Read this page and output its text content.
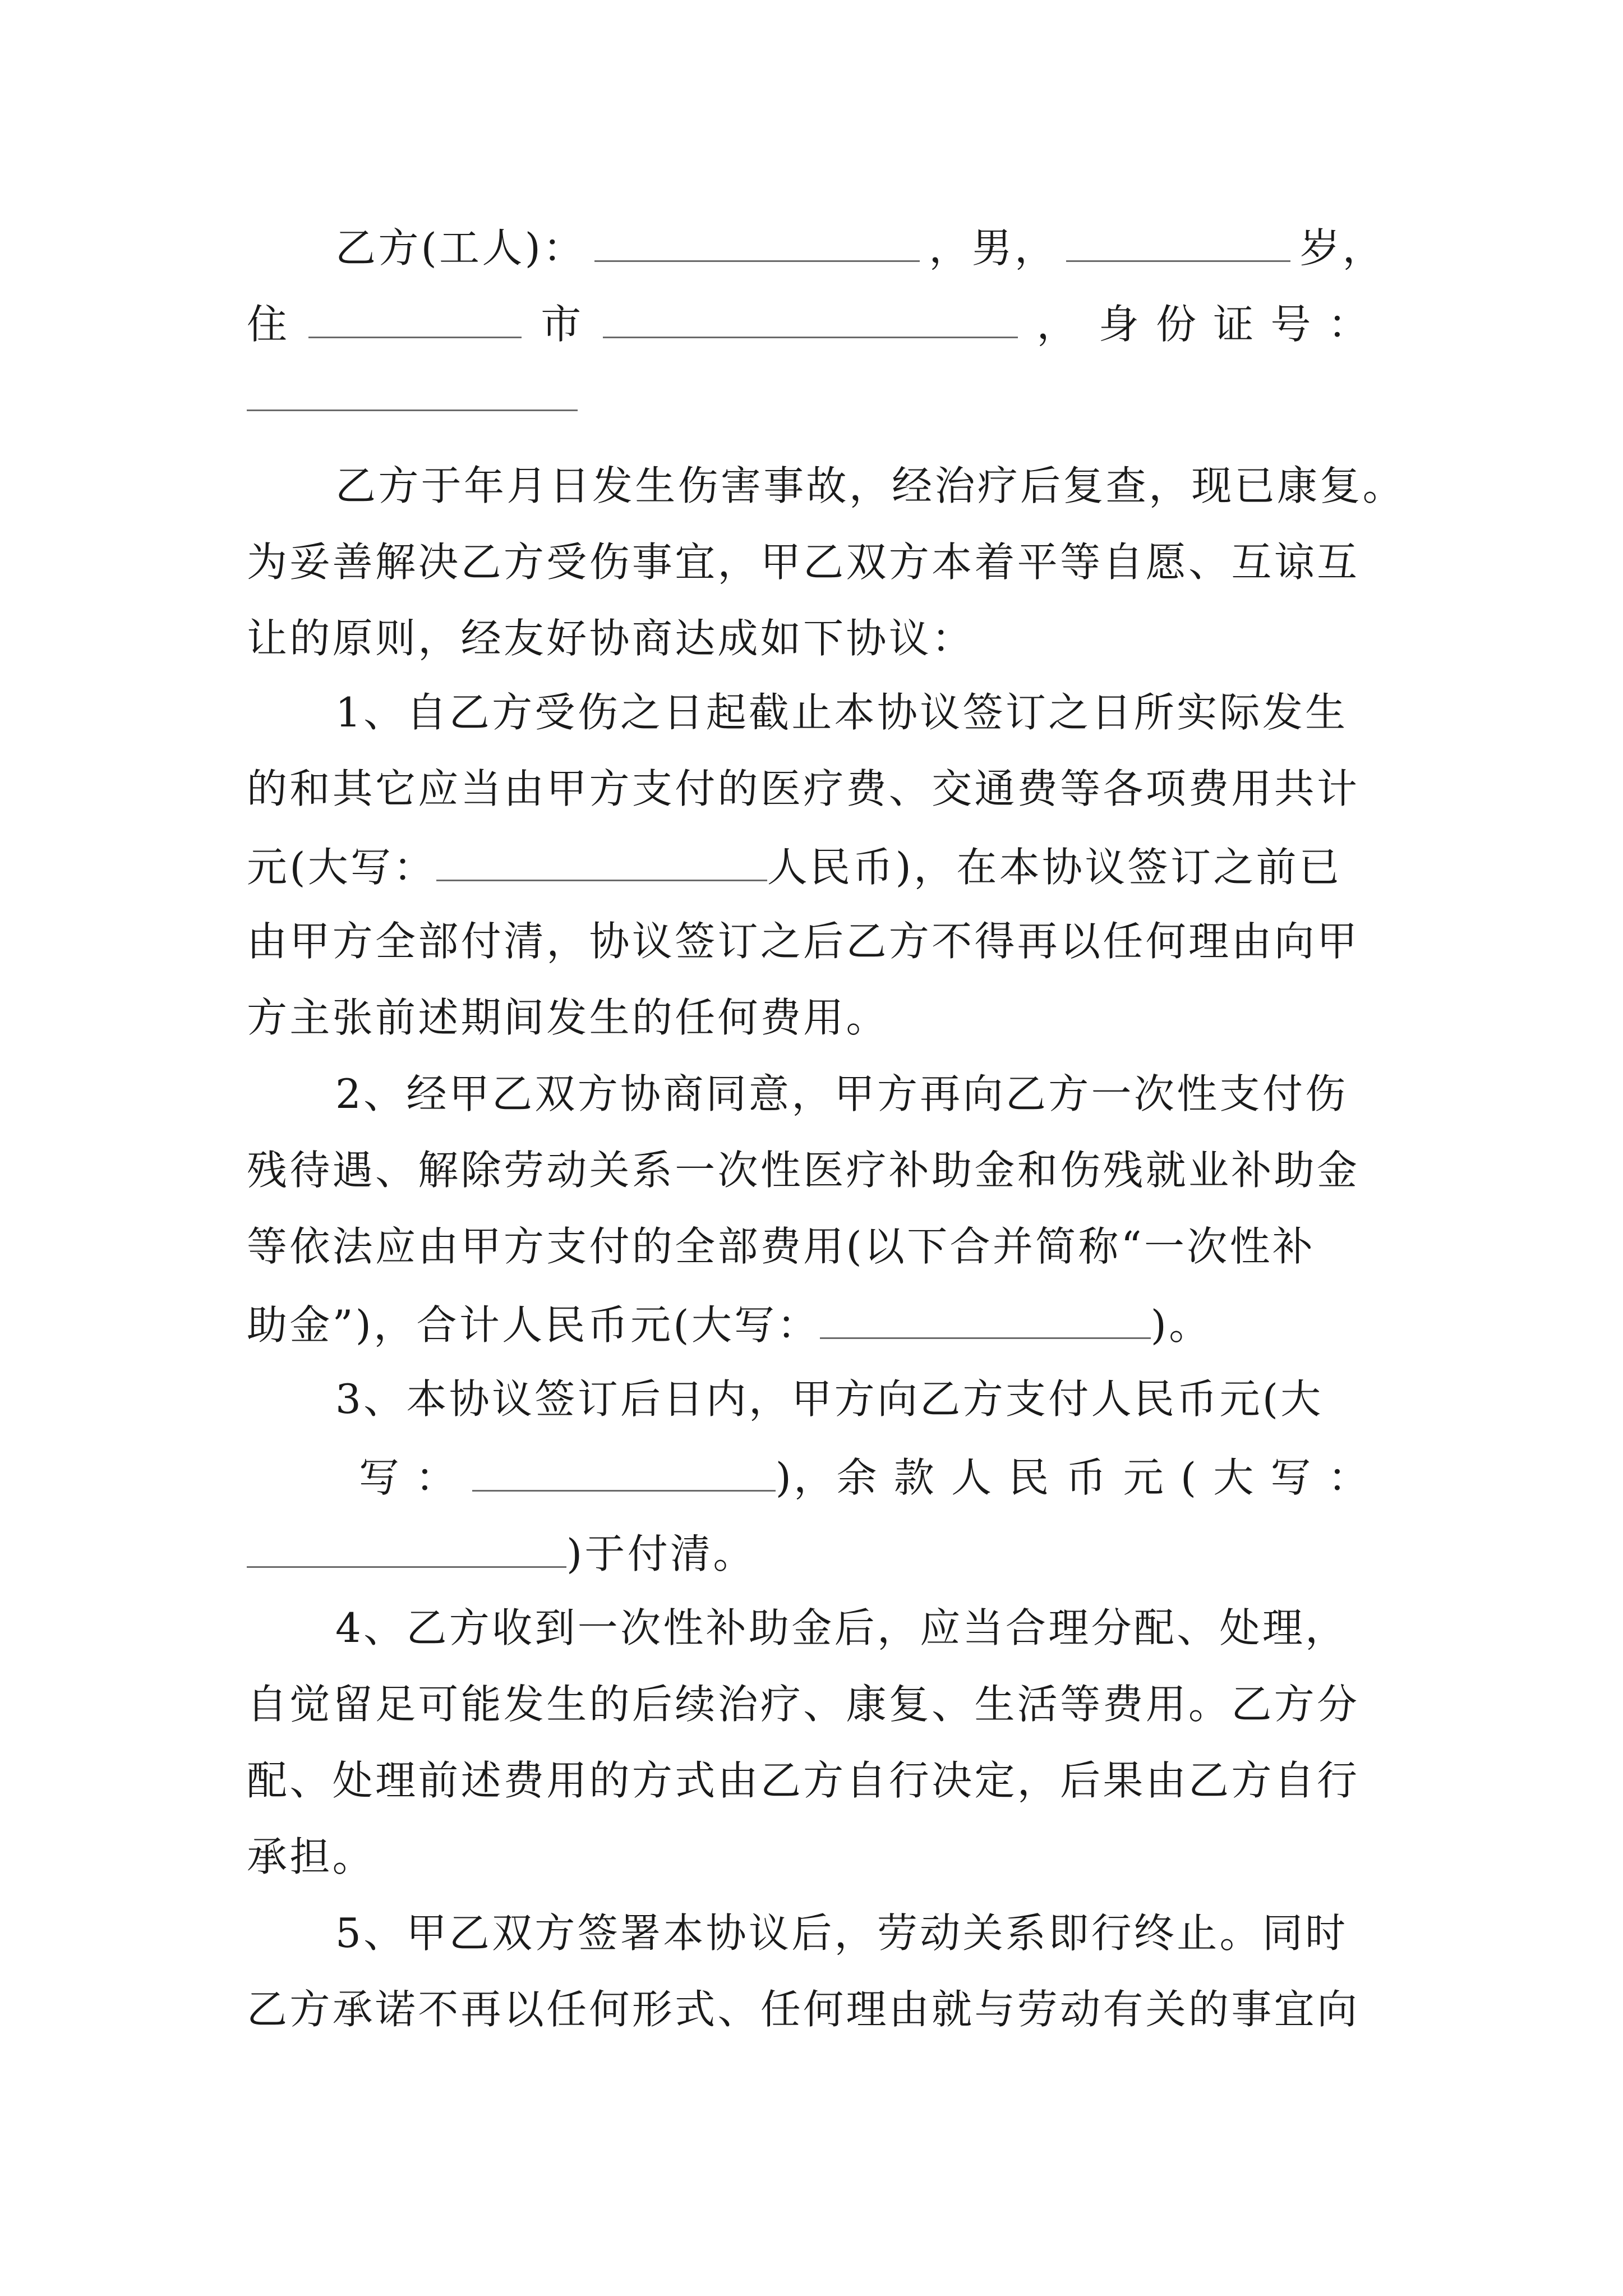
乙方(工人)：	，男，	岁，
住	市	， 身份证号：
乙方于年月日发生伤害事故，经治疗后复查，现已康复。
为妥善解决乙方受伤事宜，甲乙双方本着平等自愿、互谅互
让的原则，经友好协商达成如下协议：
1、自乙方受伤之日起截止本协议签订之日所实际发生
的和其它应当由甲方支付的医疗费、交通费等各项费用共计
元(大写：	人民币)，在本协议签订之前已
由甲方全部付清，协议签订之后乙方不得再以任何理由向甲
方主张前述期间发生的任何费用。
2、经甲乙双方协商同意，甲方再向乙方一次性支付伤
残待遇、解除劳动关系一次性医疗补助金和伤残就业补助金
等依法应由甲方支付的全部费用(以下合并简称“一次性补
助金”)，合计人民币元(大写：	)。
3、本协议签订后日内，甲方向乙方支付人民币元(大
写：	)， 余款人民币元(大写：
)于付清。
4、乙方收到一次性补助金后，应当合理分配、处理，
自觉留足可能发生的后续治疗、康复、生活等费用。乙方分
配、处理前述费用的方式由乙方自行决定，后果由乙方自行
承担。
5、甲乙双方签署本协议后，劳动关系即行终止。同时
乙方承诺不再以任何形式、任何理由就与劳动有关的事宜向
